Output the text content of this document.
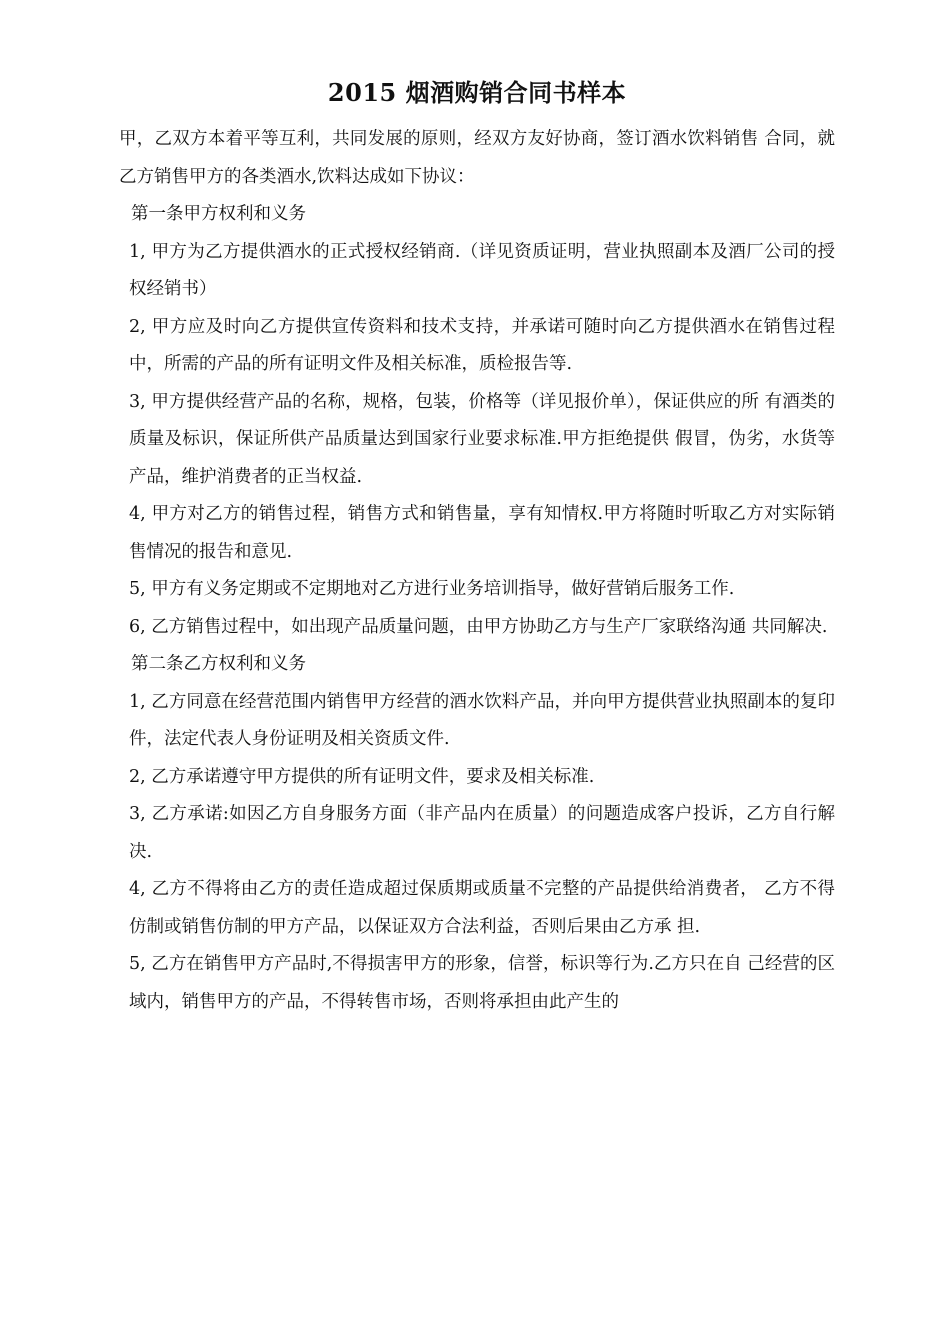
2015 烟酒购销合同书样本

甲，乙双方本着平等互利，共同发展的原则，经双方友好协商，签订酒水饮料销售 合同，就乙方销售甲方的各类酒水,饮料达成如下协议：

第一条甲方权利和义务

1, 甲方为乙方提供酒水的正式授权经销商.（详见资质证明，营业执照副本及酒厂公司的授权经销书）

2, 甲方应及时向乙方提供宣传资料和技术支持，并承诺可随时向乙方提供酒水在销售过程中，所需的产品的所有证明文件及相关标准，质检报告等.

3, 甲方提供经营产品的名称，规格，包装，价格等（详见报价单），保证供应的所 有酒类的质量及标识，保证所供产品质量达到国家行业要求标准.甲方拒绝提供 假冒，伪劣，水货等产品，维护消费者的正当权益.

4, 甲方对乙方的销售过程，销售方式和销售量，享有知情权.甲方将随时听取乙方对实际销售情况的报告和意见.

5, 甲方有义务定期或不定期地对乙方进行业务培训指导，做好营销后服务工作.

6, 乙方销售过程中，如出现产品质量问题，由甲方协助乙方与生产厂家联络沟通 共同解决.

第二条乙方权利和义务

1, 乙方同意在经营范围内销售甲方经营的酒水饮料产品，并向甲方提供营业执照副本的复印件，法定代表人身份证明及相关资质文件.

2, 乙方承诺遵守甲方提供的所有证明文件，要求及相关标准.

3, 乙方承诺:如因乙方自身服务方面（非产品内在质量）的问题造成客户投诉，乙方自行解决.

4, 乙方不得将由乙方的责任造成超过保质期或质量不完整的产品提供给消费者， 乙方不得仿制或销售仿制的甲方产品，以保证双方合法利益，否则后果由乙方承 担.

5, 乙方在销售甲方产品时,不得损害甲方的形象，信誉，标识等行为.乙方只在自 己经营的区域内，销售甲方的产品，不得转售市场，否则将承担由此产生的
